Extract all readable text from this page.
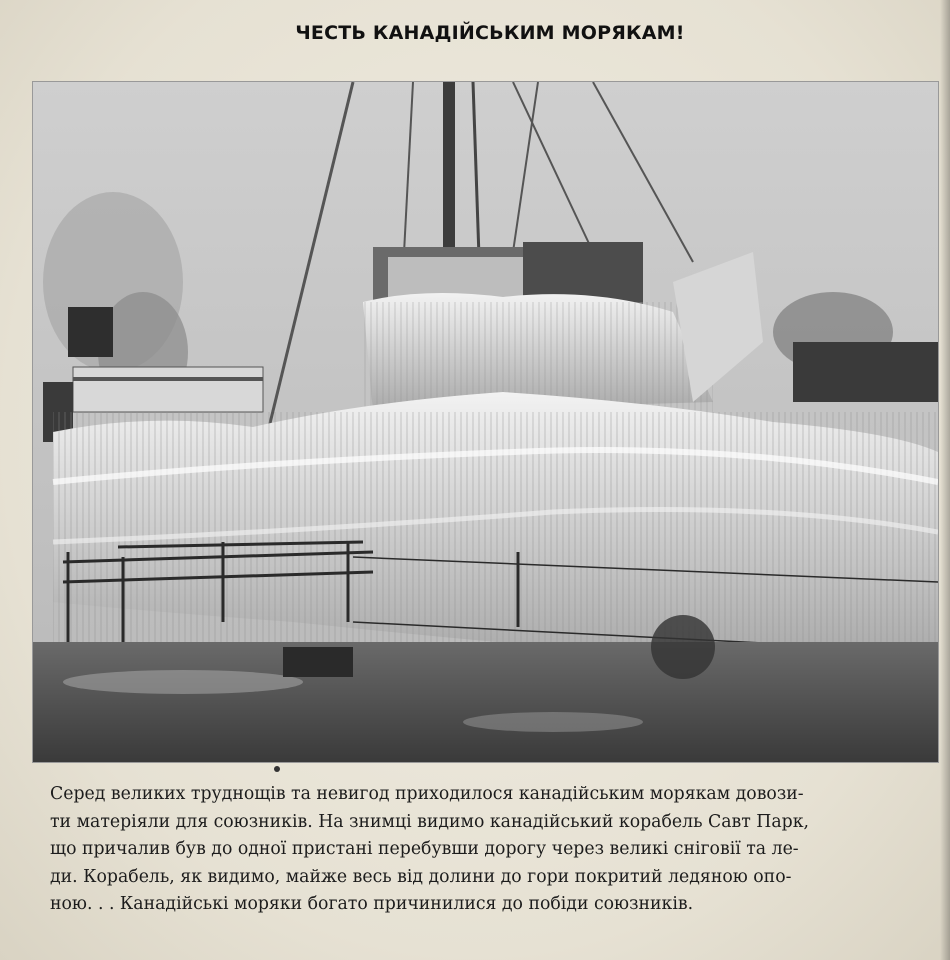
ЧЕСТЬ КАНАДІЙСЬКИМ МОРЯКАМ!
Серед великих труднощів та невигод приходилося канадійським морякам довози-
ти матеріяли для союзників. На знимці видимо канадійський корабель Савт Парк,
що причалив був до одної пристані перебувши дорогу через великі сніговії та ле-
ди. Корабель, як видимо, майже весь від долини до гори покритий ледяною опо-
ною. . . Канадійські моряки богато причинилися до побіди союзників.
